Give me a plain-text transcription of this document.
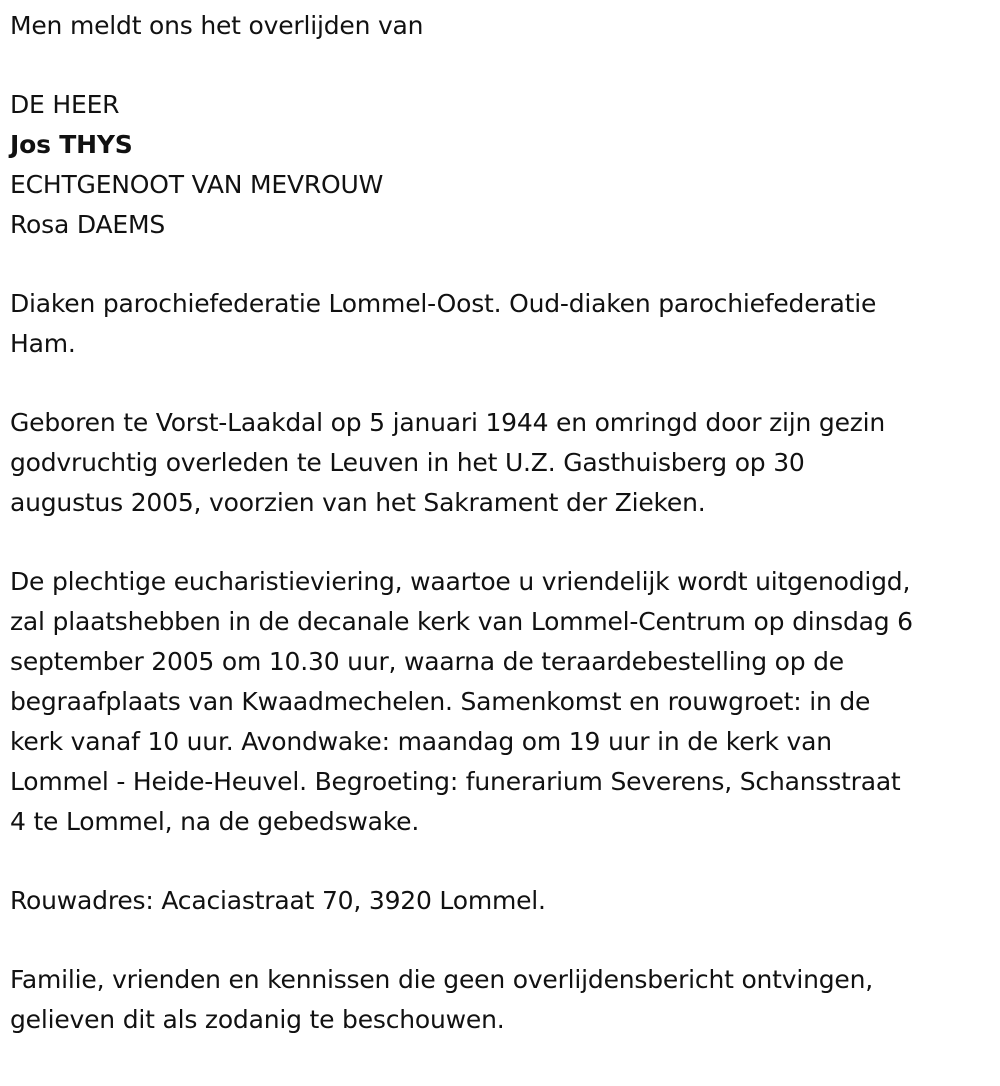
Men meldt ons het overlijden van
DE HEER
Jos THYS
ECHTGENOOT VAN MEVROUW
Rosa DAEMS
Diaken parochiefederatie Lommel-Oost. Oud-diaken parochiefederatie
Ham.
Geboren te Vorst-Laakdal op 5 januari 1944 en omringd door zijn gezin
godvruchtig overleden te Leuven in het U.Z. Gasthuisberg op 30
augustus 2005, voorzien van het Sakrament der Zieken.
De plechtige eucharistieviering, waartoe u vriendelijk wordt uitgenodigd,
zal plaatshebben in de decanale kerk van Lommel-Centrum op dinsdag 6
september 2005 om 10.30 uur, waarna de teraardebestelling op de
begraafplaats van Kwaadmechelen. Samenkomst en rouwgroet: in de
kerk vanaf 10 uur. Avondwake: maandag om 19 uur in de kerk van
Lommel - Heide-Heuvel. Begroeting: funerarium Severens, Schansstraat
4 te Lommel, na de gebedswake.
Rouwadres: Acaciastraat 70, 3920 Lommel.
Familie, vrienden en kennissen die geen overlijdensbericht ontvingen,
gelieven dit als zodanig te beschouwen.
